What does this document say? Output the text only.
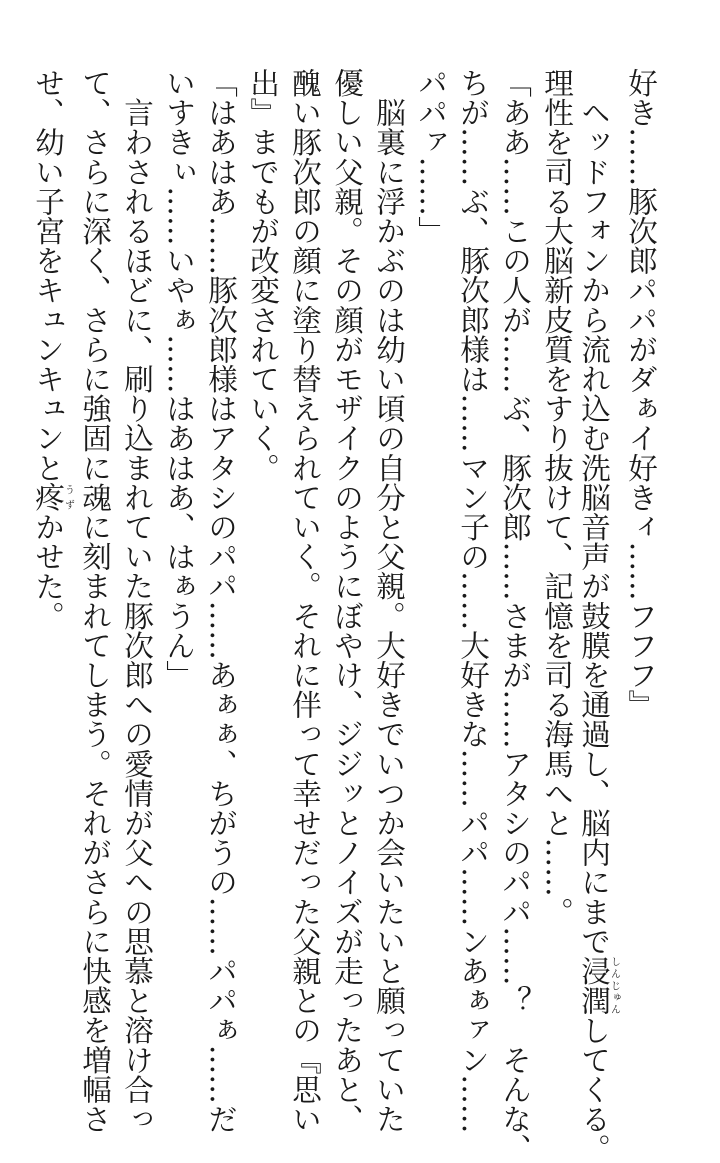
好き……豚次郎パパがダぁイ好きィ……フフフ』
　ヘッドフォンから流れ込む洗脳音声が鼓膜を通過し、脳内にまで浸潤しんじゅんしてくる。
理性を司る大脳新皮質をすり抜けて、記憶を司る海馬へと……。
「ああ……この人が……ぶ、豚次郎……さまが……アタシのパパ……？　そんな、
ちが……ぶ、豚次郎様は……マン子の……大好きな……パパ……ンあぁァン……
パパァ……」
　脳裏に浮かぶのは幼い頃の自分と父親。大好きでいつか会いたいと願っていた
優しい父親。その顔がモザイクのようにぼやけ、ジジッとノイズが走ったあと、
醜い豚次郎の顔に塗り替えられていく。それに伴って幸せだった父親との『思い
出』までもが改変されていく。
「はあはあ……豚次郎様はアタシのパパ……あぁぁ、ちがうの……パパぁ……だ
いすきぃ……いやぁ……はあはあ、はぁうん」
　言わされるほどに、刷り込まれていた豚次郎への愛情が父への思慕と溶け合っ
て、さらに深く、さらに強固に魂に刻まれてしまう。それがさらに快感を増幅さ
せ、幼い子宮をキュンキュンと疼うずかせた。
